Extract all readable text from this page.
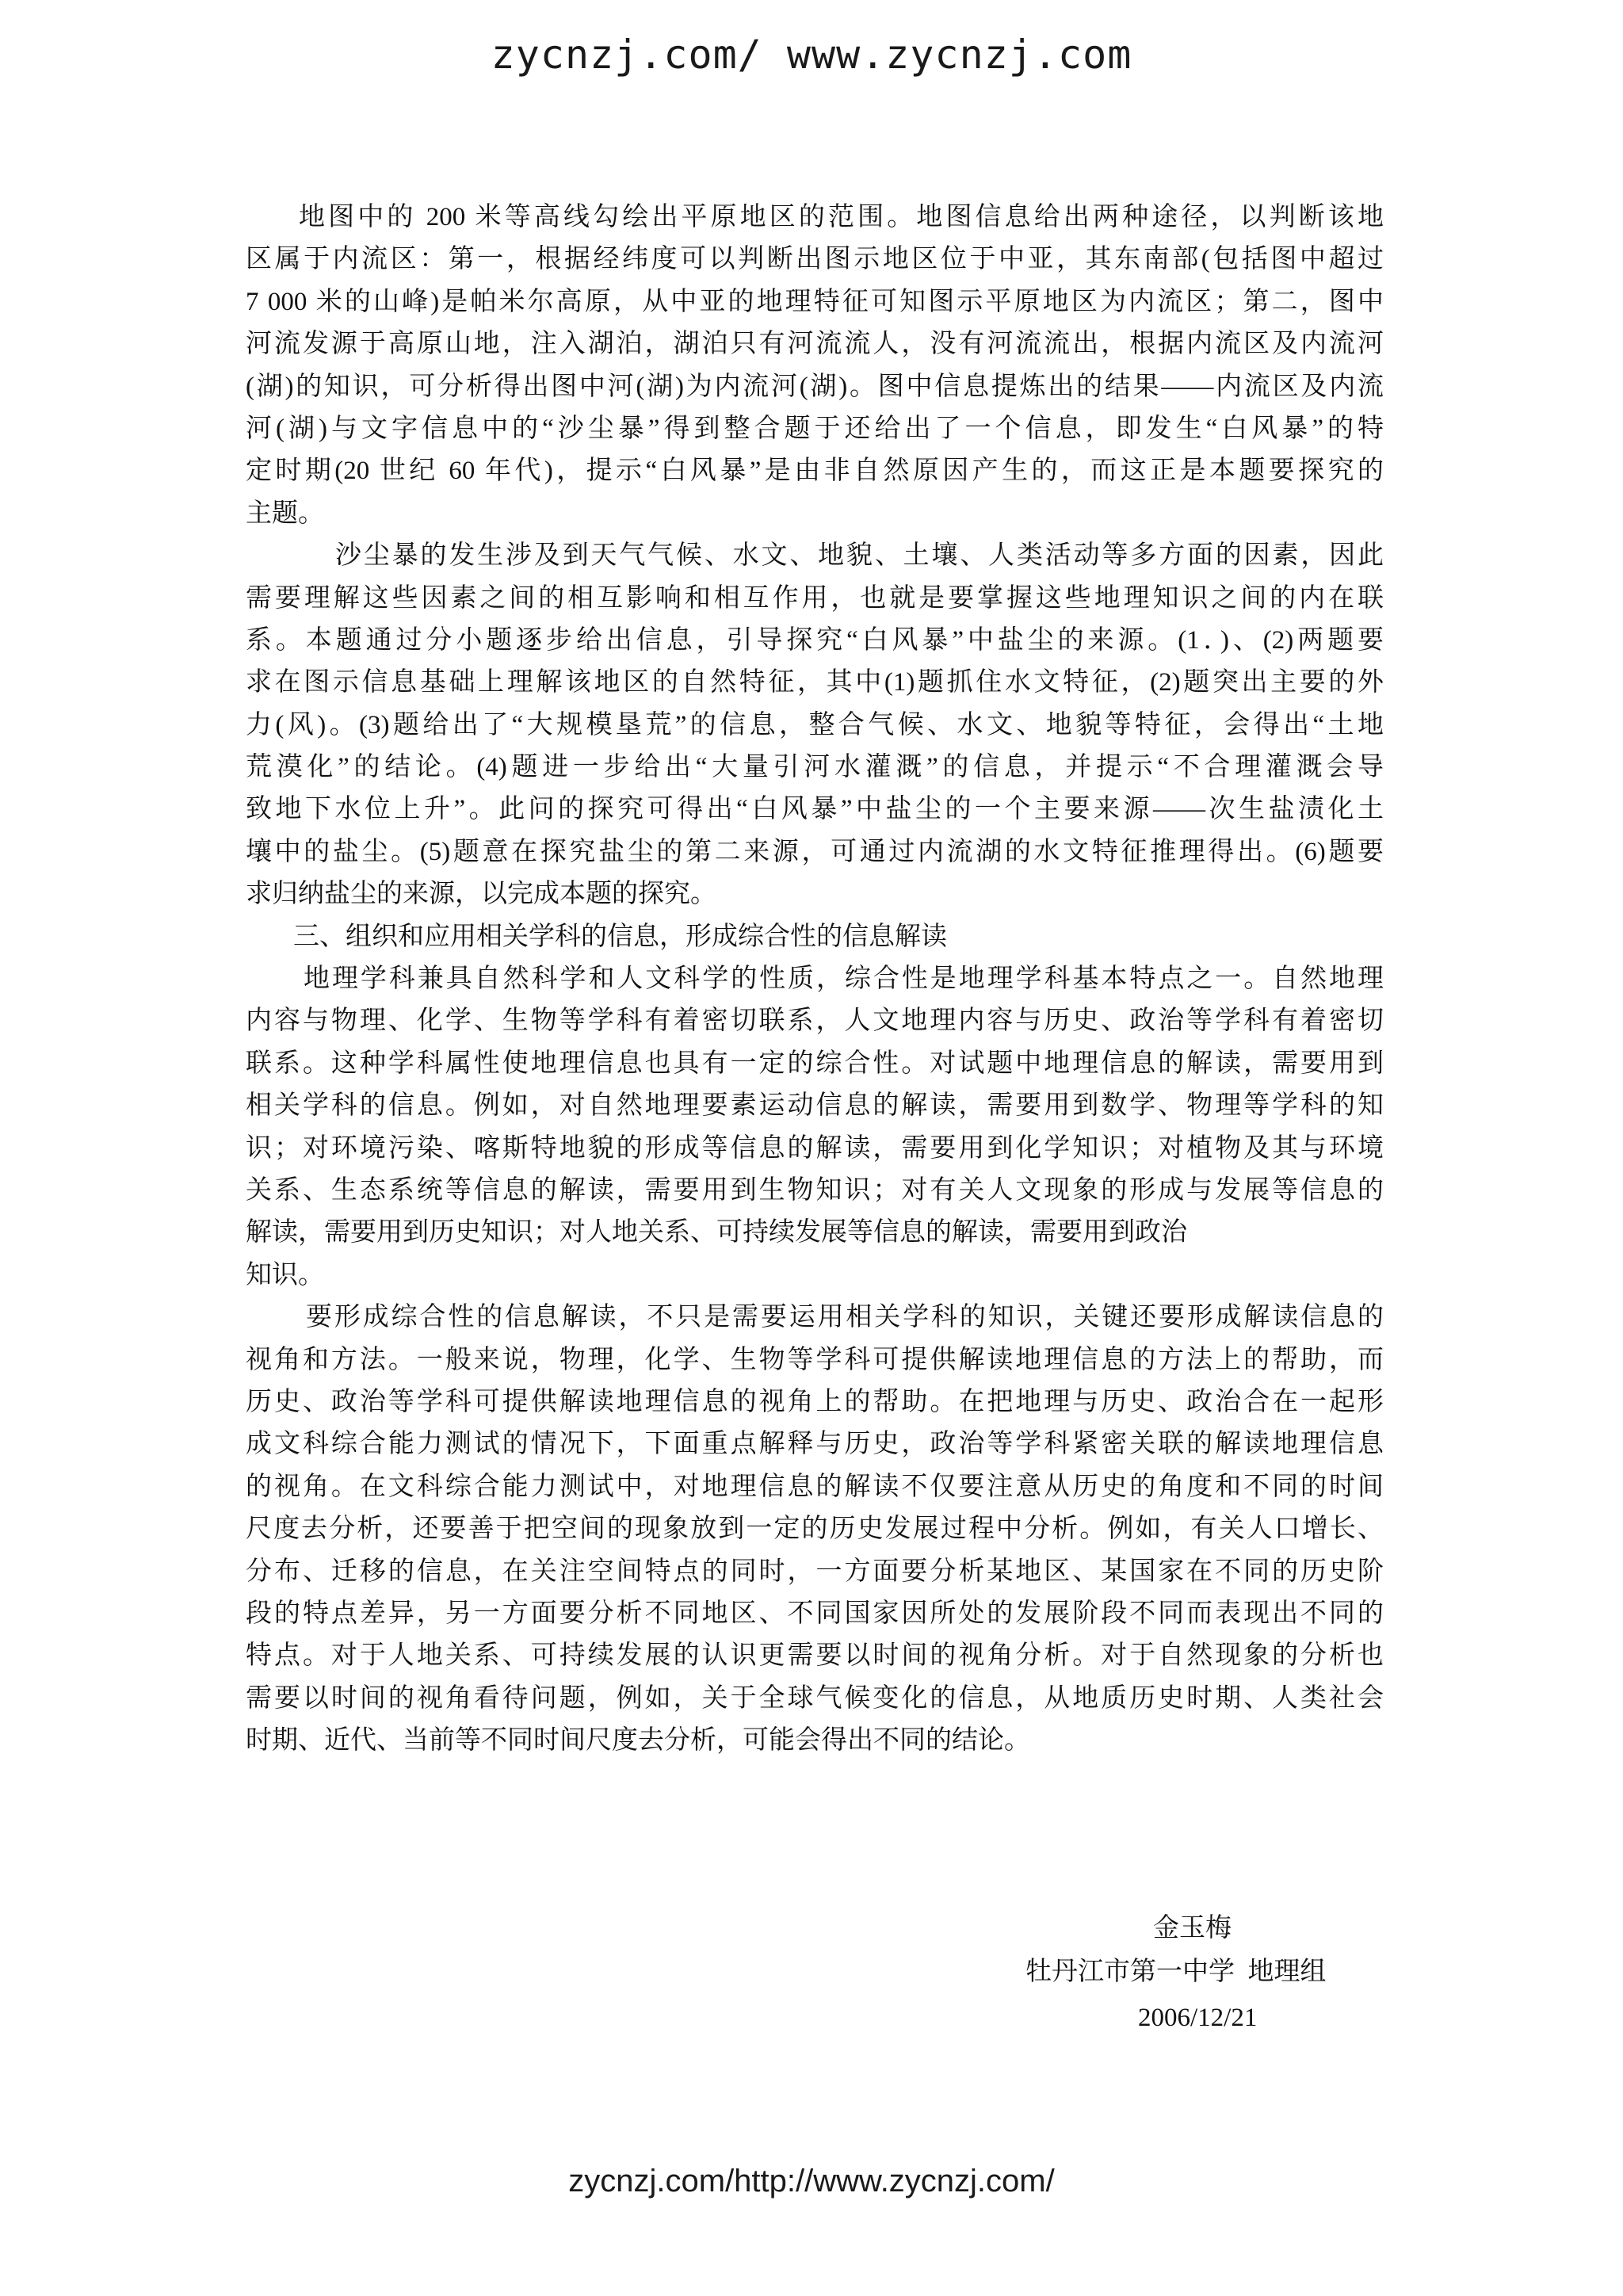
zycnzj.com/ www.zycnzj.com
地图中的 200 米等高线勾绘出平原地区的范围。地图信息给出两种途径，以判断该地
区属于内流区：第一，根据经纬度可以判断出图示地区位于中亚，其东南部(包括图中超过
7 000 米的山峰)是帕米尔高原，从中亚的地理特征可知图示平原地区为内流区；第二，图中
河流发源于高原山地，注入湖泊，湖泊只有河流流人，没有河流流出，根据内流区及内流河
(湖)的知识，可分析得出图中河(湖)为内流河(湖)。图中信息提炼出的结果——内流区及内流
河(湖)与文字信息中的“沙尘暴”得到整合题于还给出了一个信息，即发生“白风暴”的特
定时期(20 世纪 60 年代)，提示“白风暴”是由非自然原因产生的，而这正是本题要探究的
主题。
沙尘暴的发生涉及到天气气候、水文、地貌、土壤、人类活动等多方面的因素，因此
需要理解这些因素之间的相互影响和相互作用，也就是要掌握这些地理知识之间的内在联
系。本题通过分小题逐步给出信息，引导探究“白风暴”中盐尘的来源。(1．)、(2)两题要
求在图示信息基础上理解该地区的自然特征，其中(1)题抓住水文特征，(2)题突出主要的外
力(风)。(3)题给出了“大规模垦荒”的信息，整合气候、水文、地貌等特征，会得出“土地
荒漠化”的结论。(4)题进一步给出“大量引河水灌溉”的信息，并提示“不合理灌溉会导
致地下水位上升”。此问的探究可得出“白风暴”中盐尘的一个主要来源——次生盐渍化土
壤中的盐尘。(5)题意在探究盐尘的第二来源，可通过内流湖的水文特征推理得出。(6)题要
求归纳盐尘的来源，以完成本题的探究。
三、组织和应用相关学科的信息，形成综合性的信息解读
地理学科兼具自然科学和人文科学的性质，综合性是地理学科基本特点之一。自然地理
内容与物理、化学、生物等学科有着密切联系，人文地理内容与历史、政治等学科有着密切
联系。这种学科属性使地理信息也具有一定的综合性。对试题中地理信息的解读，需要用到
相关学科的信息。例如，对自然地理要素运动信息的解读，需要用到数学、物理等学科的知
识；对环境污染、喀斯特地貌的形成等信息的解读，需要用到化学知识；对植物及其与环境
关系、生态系统等信息的解读，需要用到生物知识；对有关人文现象的形成与发展等信息的
解读，需要用到历史知识；对人地关系、可持续发展等信息的解读，需要用到政治
知识。
要形成综合性的信息解读，不只是需要运用相关学科的知识，关键还要形成解读信息的
视角和方法。一般来说，物理，化学、生物等学科可提供解读地理信息的方法上的帮助，而
历史、政治等学科可提供解读地理信息的视角上的帮助。在把地理与历史、政治合在一起形
成文科综合能力测试的情况下，下面重点解释与历史，政治等学科紧密关联的解读地理信息
的视角。在文科综合能力测试中，对地理信息的解读不仅要注意从历史的角度和不同的时间
尺度去分析，还要善于把空间的现象放到一定的历史发展过程中分析。例如，有关人口增长、
分布、迁移的信息，在关注空间特点的同时，一方面要分析某地区、某国家在不同的历史阶
段的特点差异，另一方面要分析不同地区、不同国家因所处的发展阶段不同而表现出不同的
特点。对于人地关系、可持续发展的认识更需要以时间的视角分析。对于自然现象的分析也
需要以时间的视角看待问题，例如，关于全球气候变化的信息，从地质历史时期、人类社会
时期、近代、当前等不同时间尺度去分析，可能会得出不同的结论。
金玉梅
牡丹江市第一中学  地理组
2006/12/21
zycnzj.com/http://www.zycnzj.com/
